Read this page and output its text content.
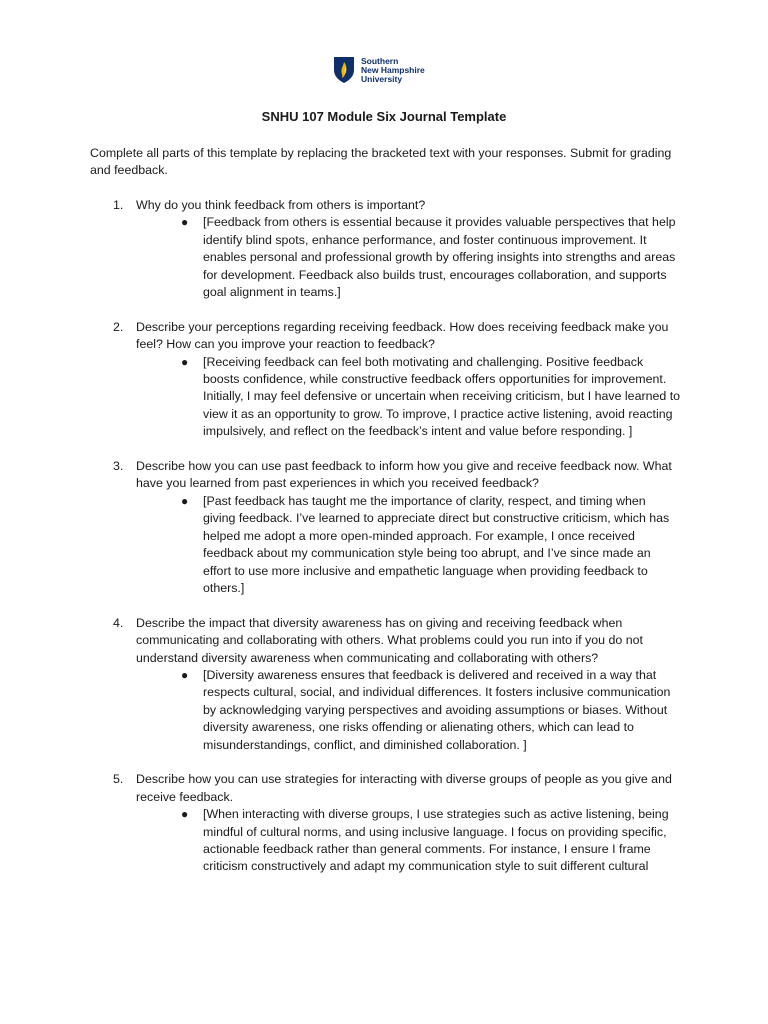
Southern
New Hampshire
University
SNHU 107 Module Six Journal Template
Complete all parts of this template by replacing the bracketed text with your responses. Submit for grading and feedback.
1. Why do you think feedback from others is important?
● [Feedback from others is essential because it provides valuable perspectives that help identify blind spots, enhance performance, and foster continuous improvement. It enables personal and professional growth by offering insights into strengths and areas for development. Feedback also builds trust, encourages collaboration, and supports goal alignment in teams.]
2. Describe your perceptions regarding receiving feedback. How does receiving feedback make you feel? How can you improve your reaction to feedback?
● [Receiving feedback can feel both motivating and challenging. Positive feedback boosts confidence, while constructive feedback offers opportunities for improvement. Initially, I may feel defensive or uncertain when receiving criticism, but I have learned to view it as an opportunity to grow. To improve, I practice active listening, avoid reacting impulsively, and reflect on the feedback’s intent and value before responding. ]
3. Describe how you can use past feedback to inform how you give and receive feedback now. What have you learned from past experiences in which you received feedback?
● [Past feedback has taught me the importance of clarity, respect, and timing when giving feedback. I’ve learned to appreciate direct but constructive criticism, which has helped me adopt a more open-minded approach. For example, I once received feedback about my communication style being too abrupt, and I’ve since made an effort to use more inclusive and empathetic language when providing feedback to others.]
4. Describe the impact that diversity awareness has on giving and receiving feedback when communicating and collaborating with others. What problems could you run into if you do not understand diversity awareness when communicating and collaborating with others?
● [Diversity awareness ensures that feedback is delivered and received in a way that respects cultural, social, and individual differences. It fosters inclusive communication by acknowledging varying perspectives and avoiding assumptions or biases. Without diversity awareness, one risks offending or alienating others, which can lead to misunderstandings, conflict, and diminished collaboration. ]
5. Describe how you can use strategies for interacting with diverse groups of people as you give and receive feedback.
● [When interacting with diverse groups, I use strategies such as active listening, being mindful of cultural norms, and using inclusive language. I focus on providing specific, actionable feedback rather than general comments. For instance, I ensure I frame criticism constructively and adapt my communication style to suit different cultural
